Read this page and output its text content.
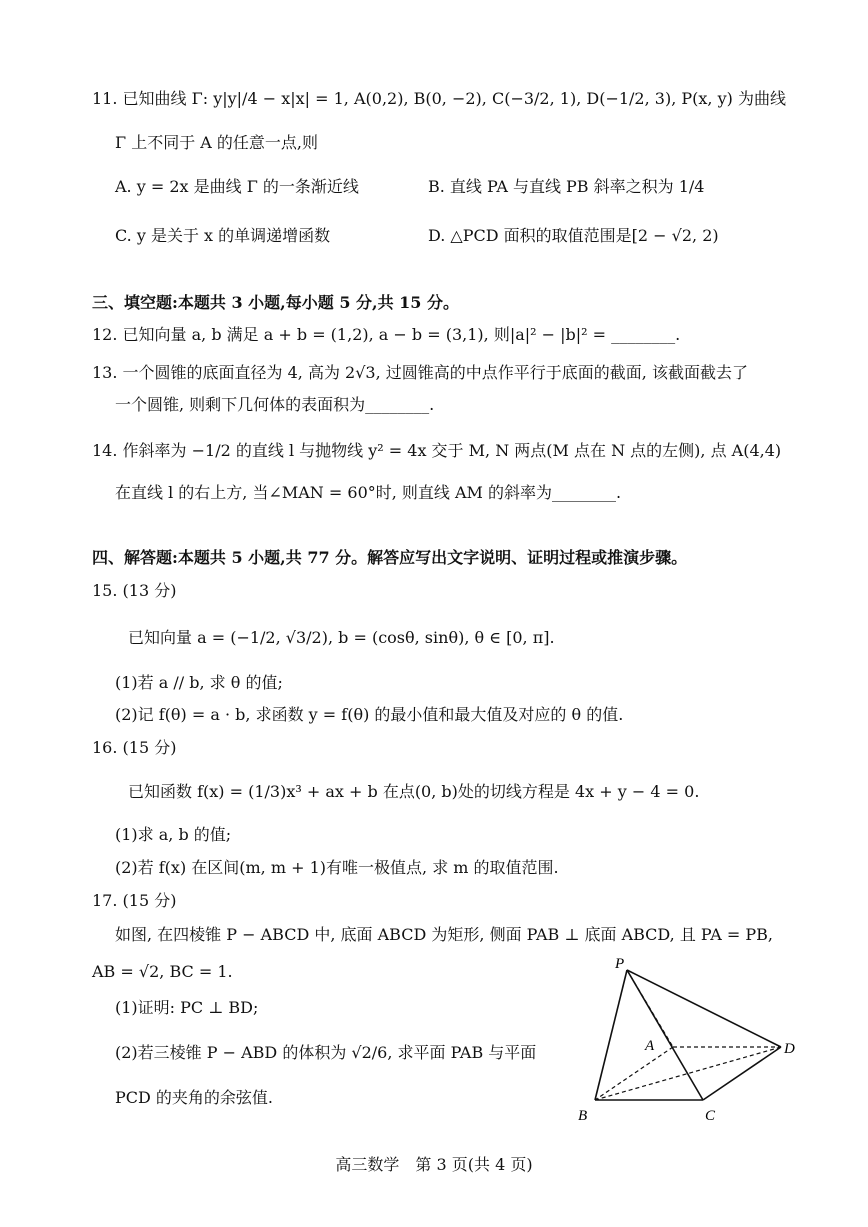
11. 已知曲线 Γ: y|y|/4 − x|x| = 1, A(0,2), B(0, −2), C(−3/2, 1), D(−1/2, 3), P(x, y) 为曲线
Γ 上不同于 A 的任意一点,则
A. y = 2x 是曲线 Γ 的一条渐近线	B. 直线 PA 与直线 PB 斜率之积为 1/4
C. y 是关于 x 的单调递增函数	D. △PCD 面积的取值范围是[2 − √2, 2)
三、填空题:本题共 3 小题,每小题 5 分,共 15 分。
12. 已知向量 a, b 满足 a + b = (1,2), a − b = (3,1), 则|a|² − |b|² = ________.
13. 一个圆锥的底面直径为 4, 高为 2√3, 过圆锥高的中点作平行于底面的截面, 该截面截去了
一个圆锥, 则剩下几何体的表面积为________.
14. 作斜率为 −1/2 的直线 l 与抛物线 y² = 4x 交于 M, N 两点(M 点在 N 点的左侧), 点 A(4,4)
在直线 l 的右上方, 当∠MAN = 60°时, 则直线 AM 的斜率为________.
四、解答题:本题共 5 小题,共 77 分。解答应写出文字说明、证明过程或推演步骤。
15. (13 分)
已知向量 a = (−1/2, √3/2), b = (cosθ, sinθ), θ ∈ [0, π].
(1)若 a // b, 求 θ 的值;
(2)记 f(θ) = a · b, 求函数 y = f(θ) 的最小值和最大值及对应的 θ 的值.
16. (15 分)
已知函数 f(x) = (1/3)x³ + ax + b 在点(0, b)处的切线方程是 4x + y − 4 = 0.
(1)求 a, b 的值;
(2)若 f(x) 在区间(m, m + 1)有唯一极值点, 求 m 的取值范围.
17. (15 分)
如图, 在四棱锥 P − ABCD 中, 底面 ABCD 为矩形, 侧面 PAB ⊥ 底面 ABCD, 且 PA = PB,
AB = √2, BC = 1.
(1)证明: PC ⊥ BD;
(2)若三棱锥 P − ABD 的体积为 √2/6, 求平面 PAB 与平面
PCD 的夹角的余弦值.
P
A
B	C
D
高三数学　第 3 页(共 4 页)
